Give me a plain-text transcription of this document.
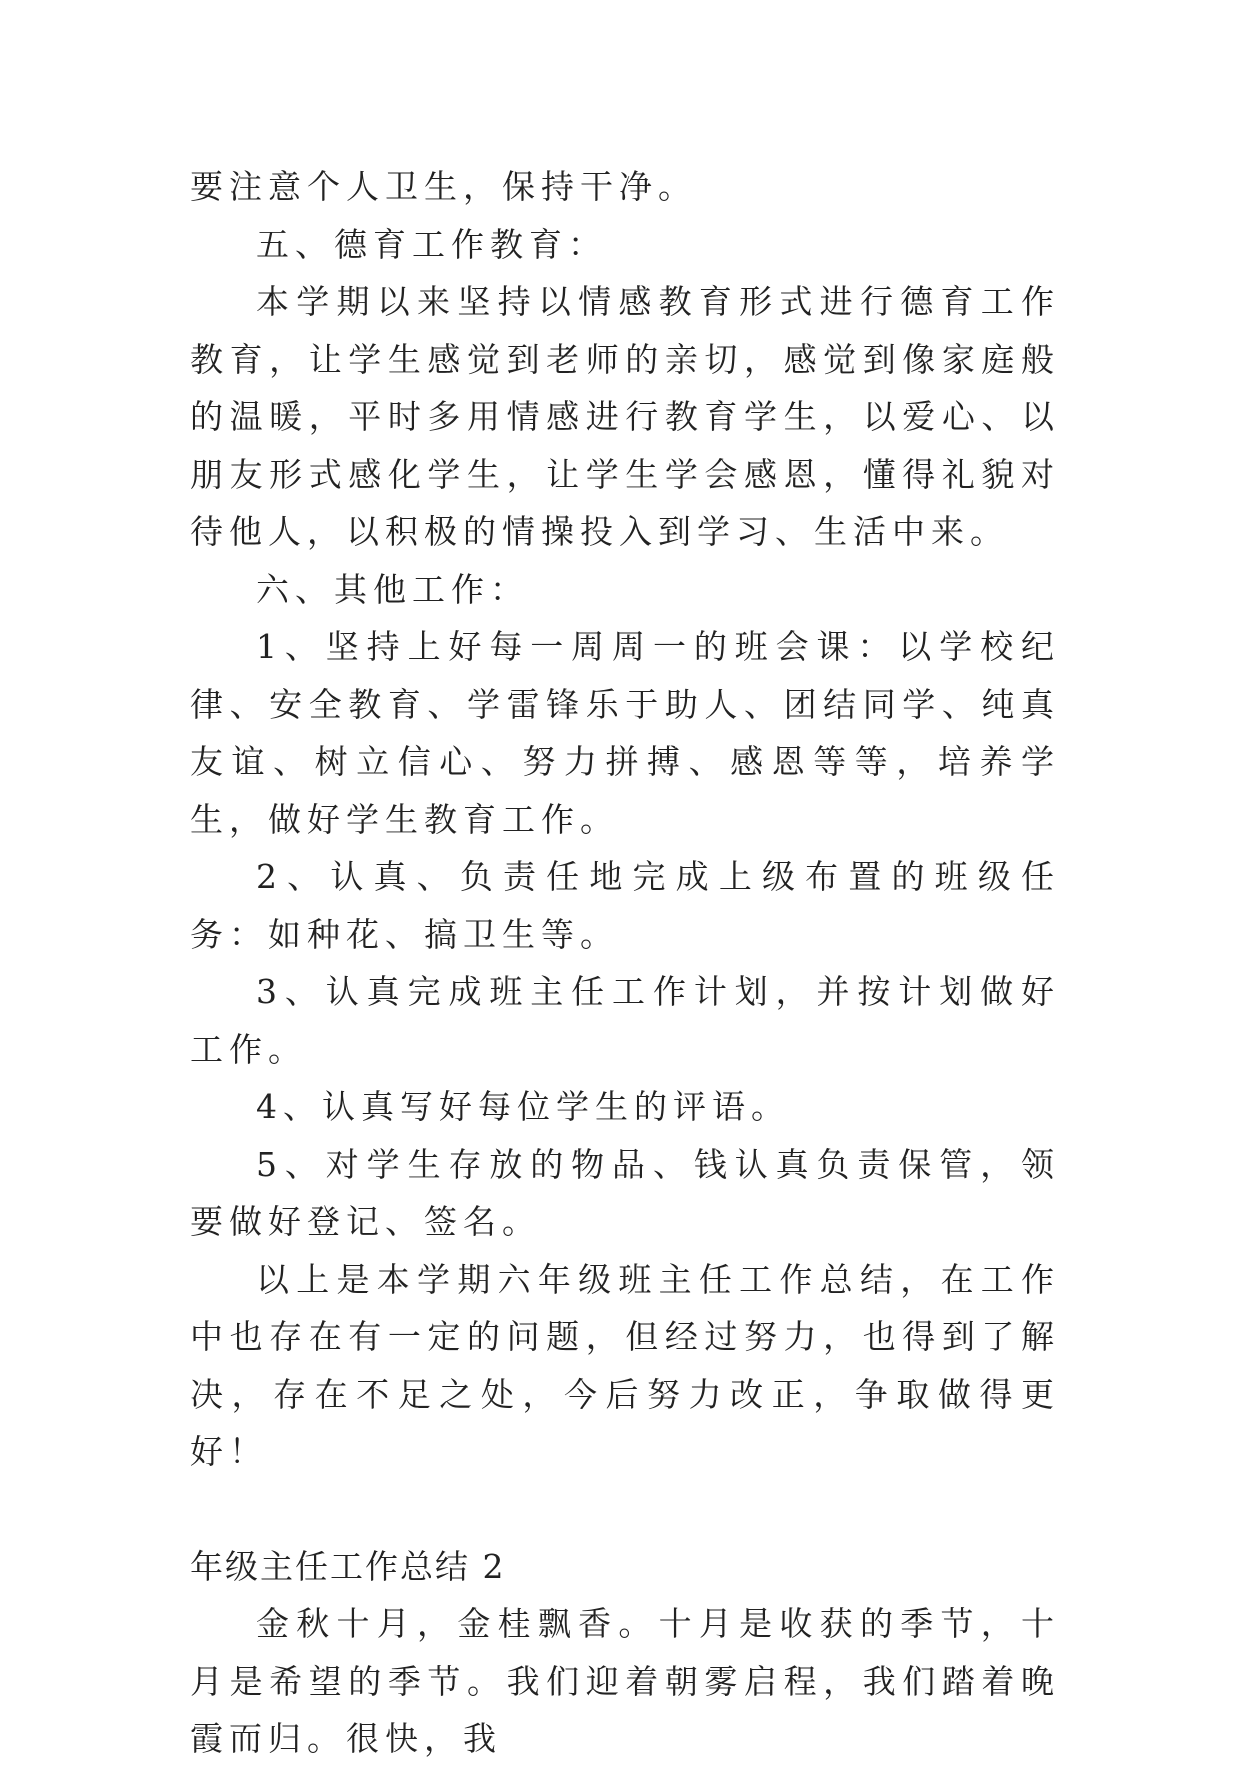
要注意个人卫生，保持干净。

五、德育工作教育：

本学期以来坚持以情感教育形式进行德育工作教育，让学生感觉到老师的亲切，感觉到像家庭般的温暖，平时多用情感进行教育学生，以爱心、以朋友形式感化学生，让学生学会感恩，懂得礼貌对待他人，以积极的情操投入到学习、生活中来。

六、其他工作：

1、坚持上好每一周周一的班会课：以学校纪律、安全教育、学雷锋乐于助人、团结同学、纯真友谊、树立信心、努力拼搏、感恩等等，培养学生，做好学生教育工作。

2、认真、负责任地完成上级布置的班级任务：如种花、搞卫生等。

3、认真完成班主任工作计划，并按计划做好工作。

4、认真写好每位学生的评语。

5、对学生存放的物品、钱认真负责保管，领要做好登记、签名。

以上是本学期六年级班主任工作总结，在工作中也存在有一定的问题，但经过努力，也得到了解决，存在不足之处，今后努力改正，争取做得更好！

年级主任工作总结 2

金秋十月，金桂飘香。十月是收获的季节，十月是希望的季节。我们迎着朝雾启程，我们踏着晚霞而归。很快，我
